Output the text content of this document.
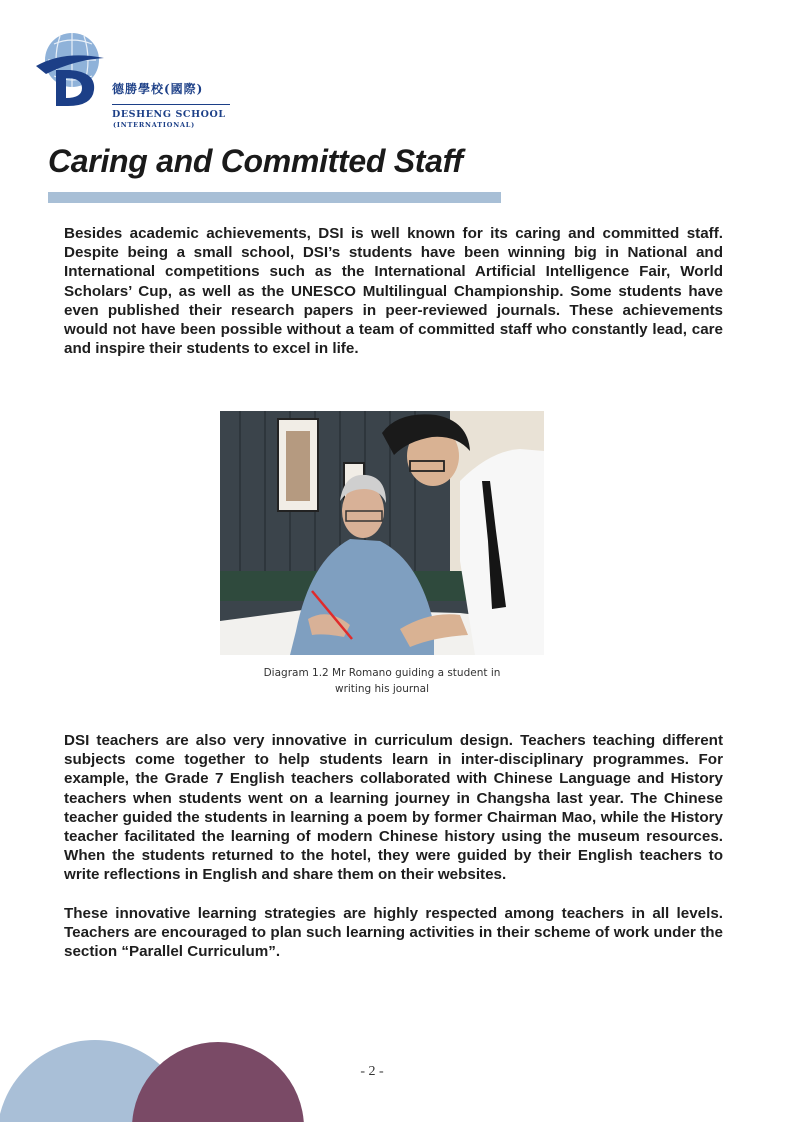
德勝學校(國際)
DESHENG SCHOOL
(INTERNATIONAL)
Caring and Committed Staff

Besides academic achievements, DSI is well known for its caring and committed staff. Despite being a small school, DSI’s students have been winning big in National and International competitions such as the International Artificial Intelligence Fair, World Scholars’ Cup, as well as the UNESCO Multilingual Championship. Some students have even published their research papers in peer-reviewed journals. These achievements would not have been possible without a team of committed staff who constantly lead, care and inspire their students to excel in life.

Diagram 1.2 Mr Romano guiding a student in
writing his journal

DSI teachers are also very innovative in curriculum design. Teachers teaching different subjects come together to help students learn in inter-disciplinary programmes. For example, the Grade 7 English teachers collaborated with Chinese Language and History teachers when students went on a learning journey in Changsha last year. The Chinese teacher guided the students in learning a poem by former Chairman Mao, while the History teacher facilitated the learning of modern Chinese history using the museum resources. When the students returned to the hotel, they were guided by their English teachers to write reflections in English and share them on their websites.

These innovative learning strategies are highly respected among teachers in all levels. Teachers are encouraged to plan such learning activities in their scheme of work under the section “Parallel Curriculum”.

- 2 -
